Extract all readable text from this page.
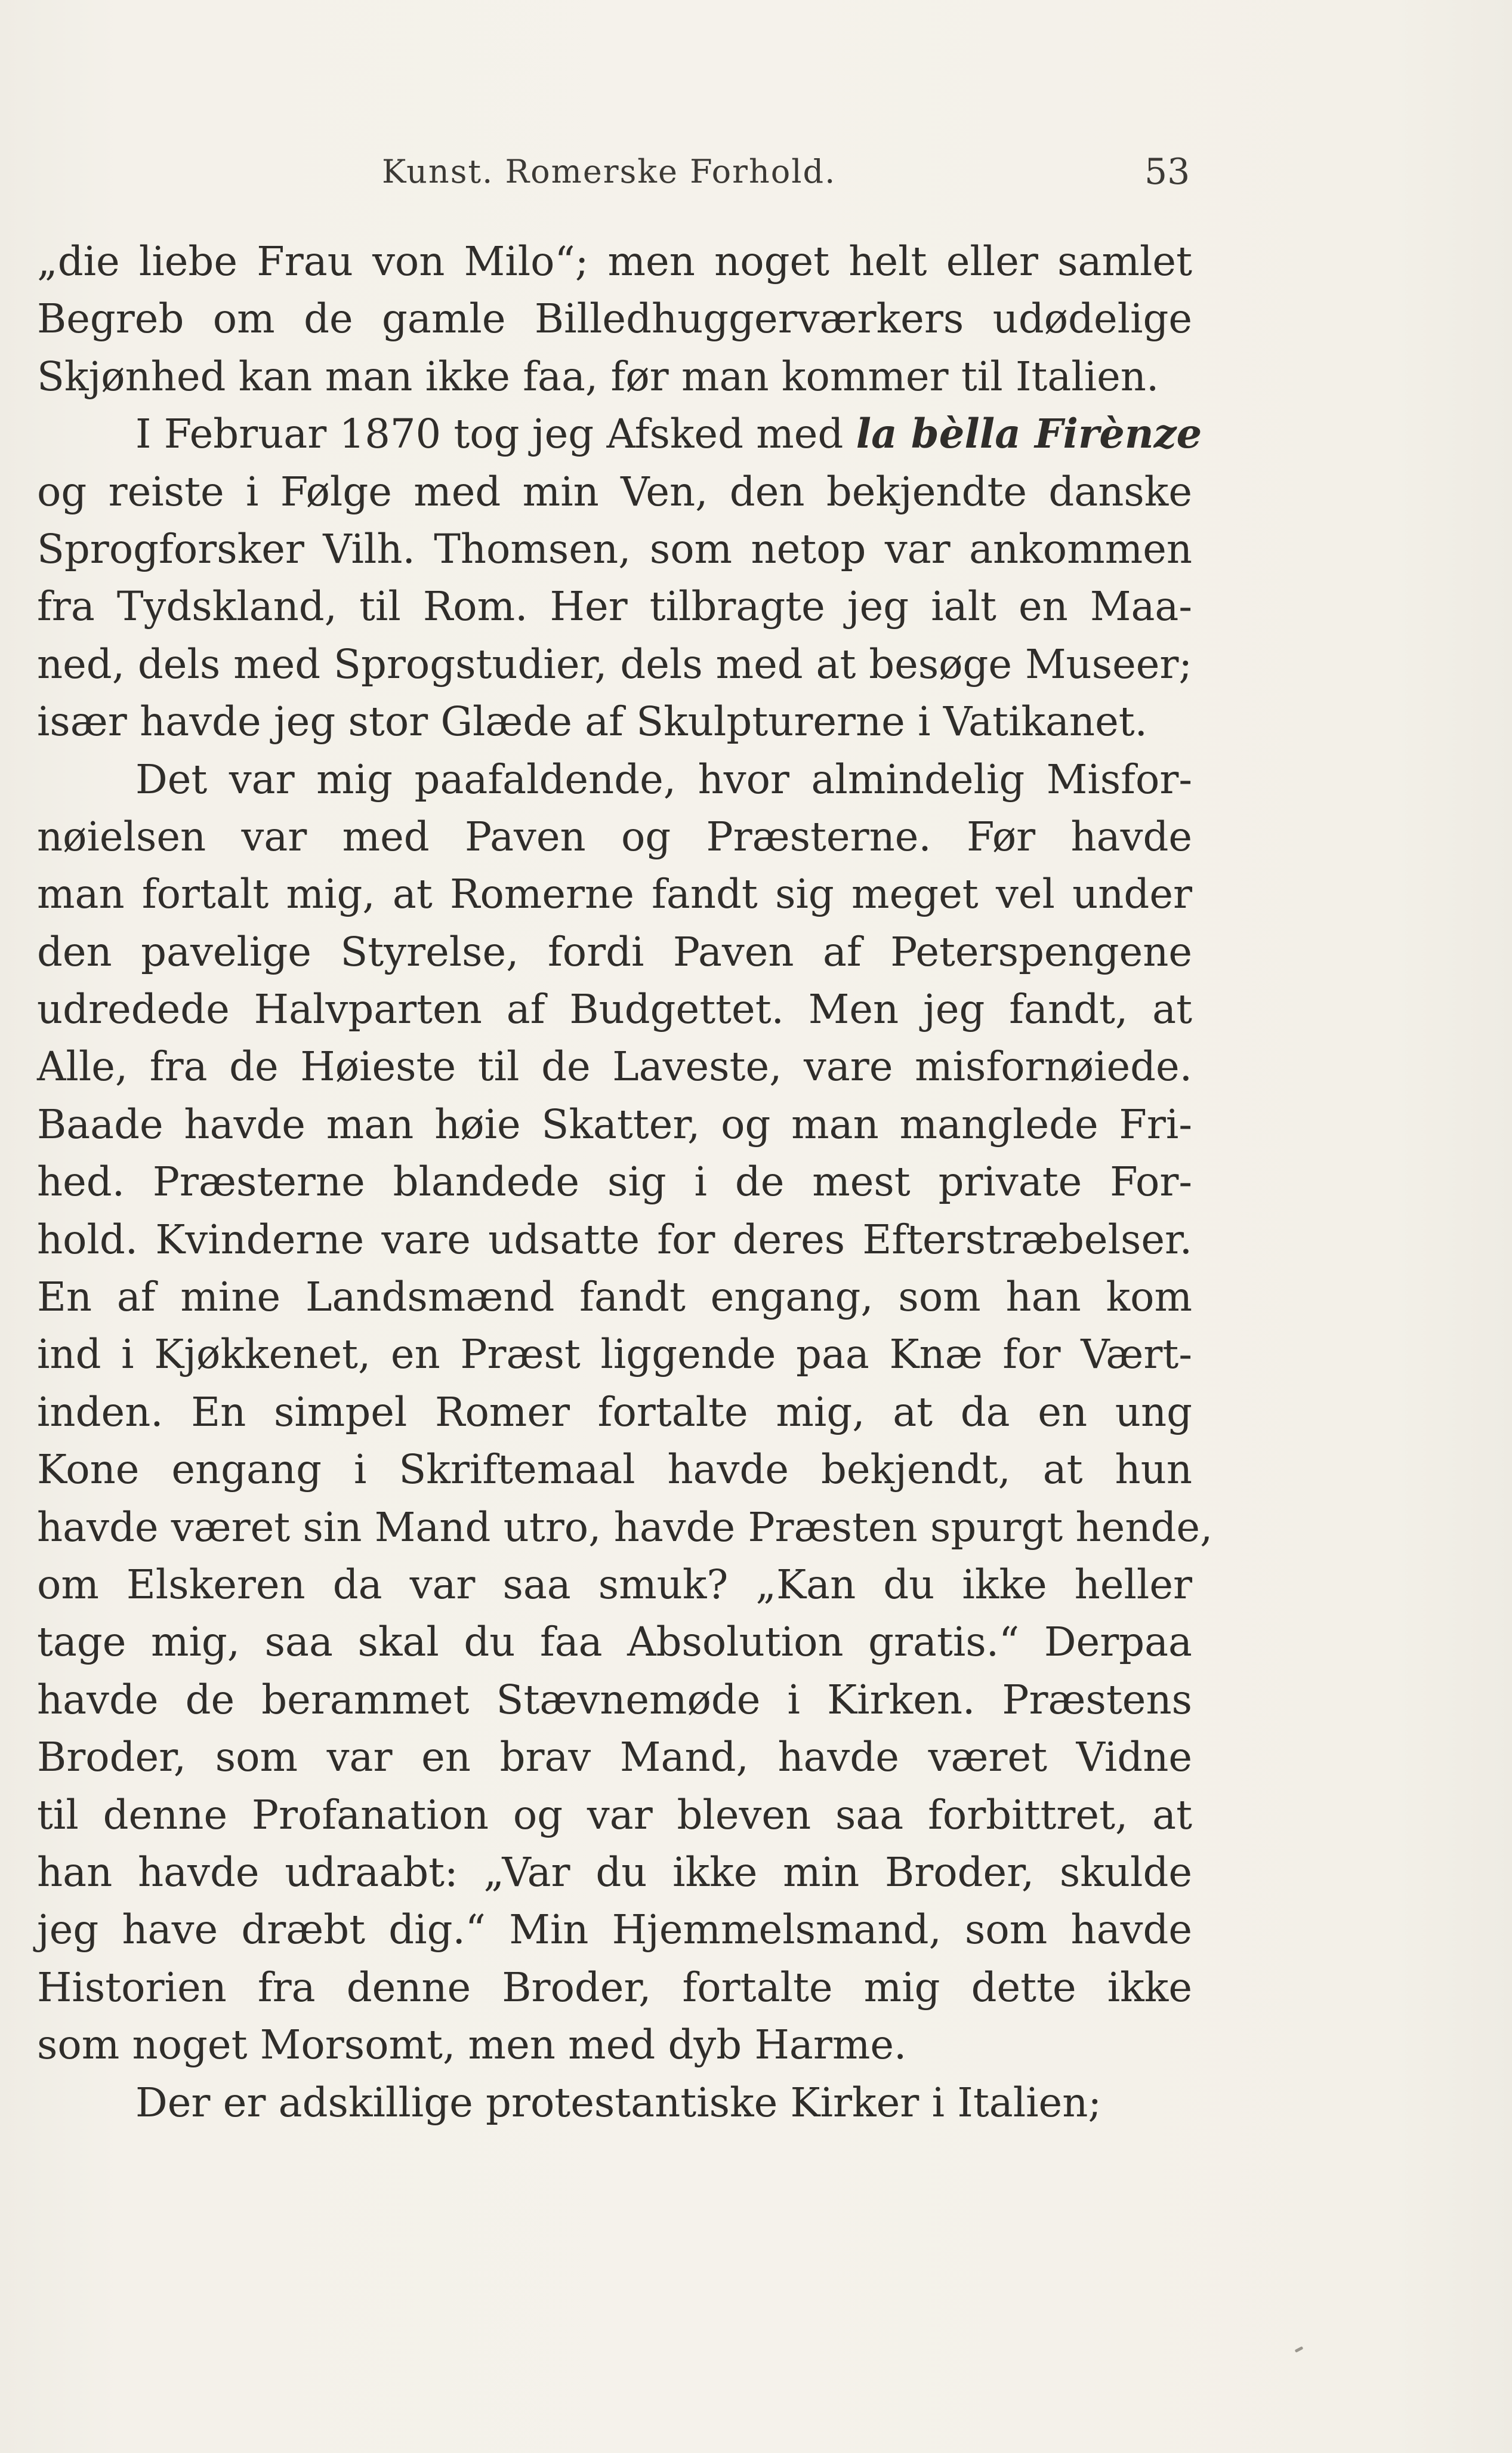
Kunst. Romerske Forhold.	53
„die liebe Frau von Milo“; men noget helt eller samlet
Begreb om de gamle Billedhuggerværkers udødelige
Skjønhed kan man ikke faa, før man kommer til Italien.
I Februar 1870 tog jeg Afsked med la bèlla Firènze
og reiste i Følge med min Ven, den bekjendte danske
Sprogforsker Vilh. Thomsen, som netop var ankommen
fra Tydskland, til Rom. Her tilbragte jeg ialt en Maa-
ned, dels med Sprogstudier, dels med at besøge Museer;
især havde jeg stor Glæde af Skulpturerne i Vatikanet.
Det var mig paafaldende, hvor almindelig Misfor-
nøielsen var med Paven og Præsterne. Før havde
man fortalt mig, at Romerne fandt sig meget vel under
den pavelige Styrelse, fordi Paven af Peterspengene
udredede Halvparten af Budgettet. Men jeg fandt, at
Alle, fra de Høieste til de Laveste, vare misfornøiede.
Baade havde man høie Skatter, og man manglede Fri-
hed. Præsterne blandede sig i de mest private For-
hold. Kvinderne vare udsatte for deres Efterstræbelser.
En af mine Landsmænd fandt engang, som han kom
ind i Kjøkkenet, en Præst liggende paa Knæ for Vært-
inden. En simpel Romer fortalte mig, at da en ung
Kone engang i Skriftemaal havde bekjendt, at hun
havde været sin Mand utro, havde Præsten spurgt hende,
om Elskeren da var saa smuk? „Kan du ikke heller
tage mig, saa skal du faa Absolution gratis.“ Derpaa
havde de berammet Stævnemøde i Kirken. Præstens
Broder, som var en brav Mand, havde været Vidne
til denne Profanation og var bleven saa forbittret, at
han havde udraabt: „Var du ikke min Broder, skulde
jeg have dræbt dig.“ Min Hjemmelsmand, som havde
Historien fra denne Broder, fortalte mig dette ikke
som noget Morsomt, men med dyb Harme.
Der er adskillige protestantiske Kirker i Italien;
